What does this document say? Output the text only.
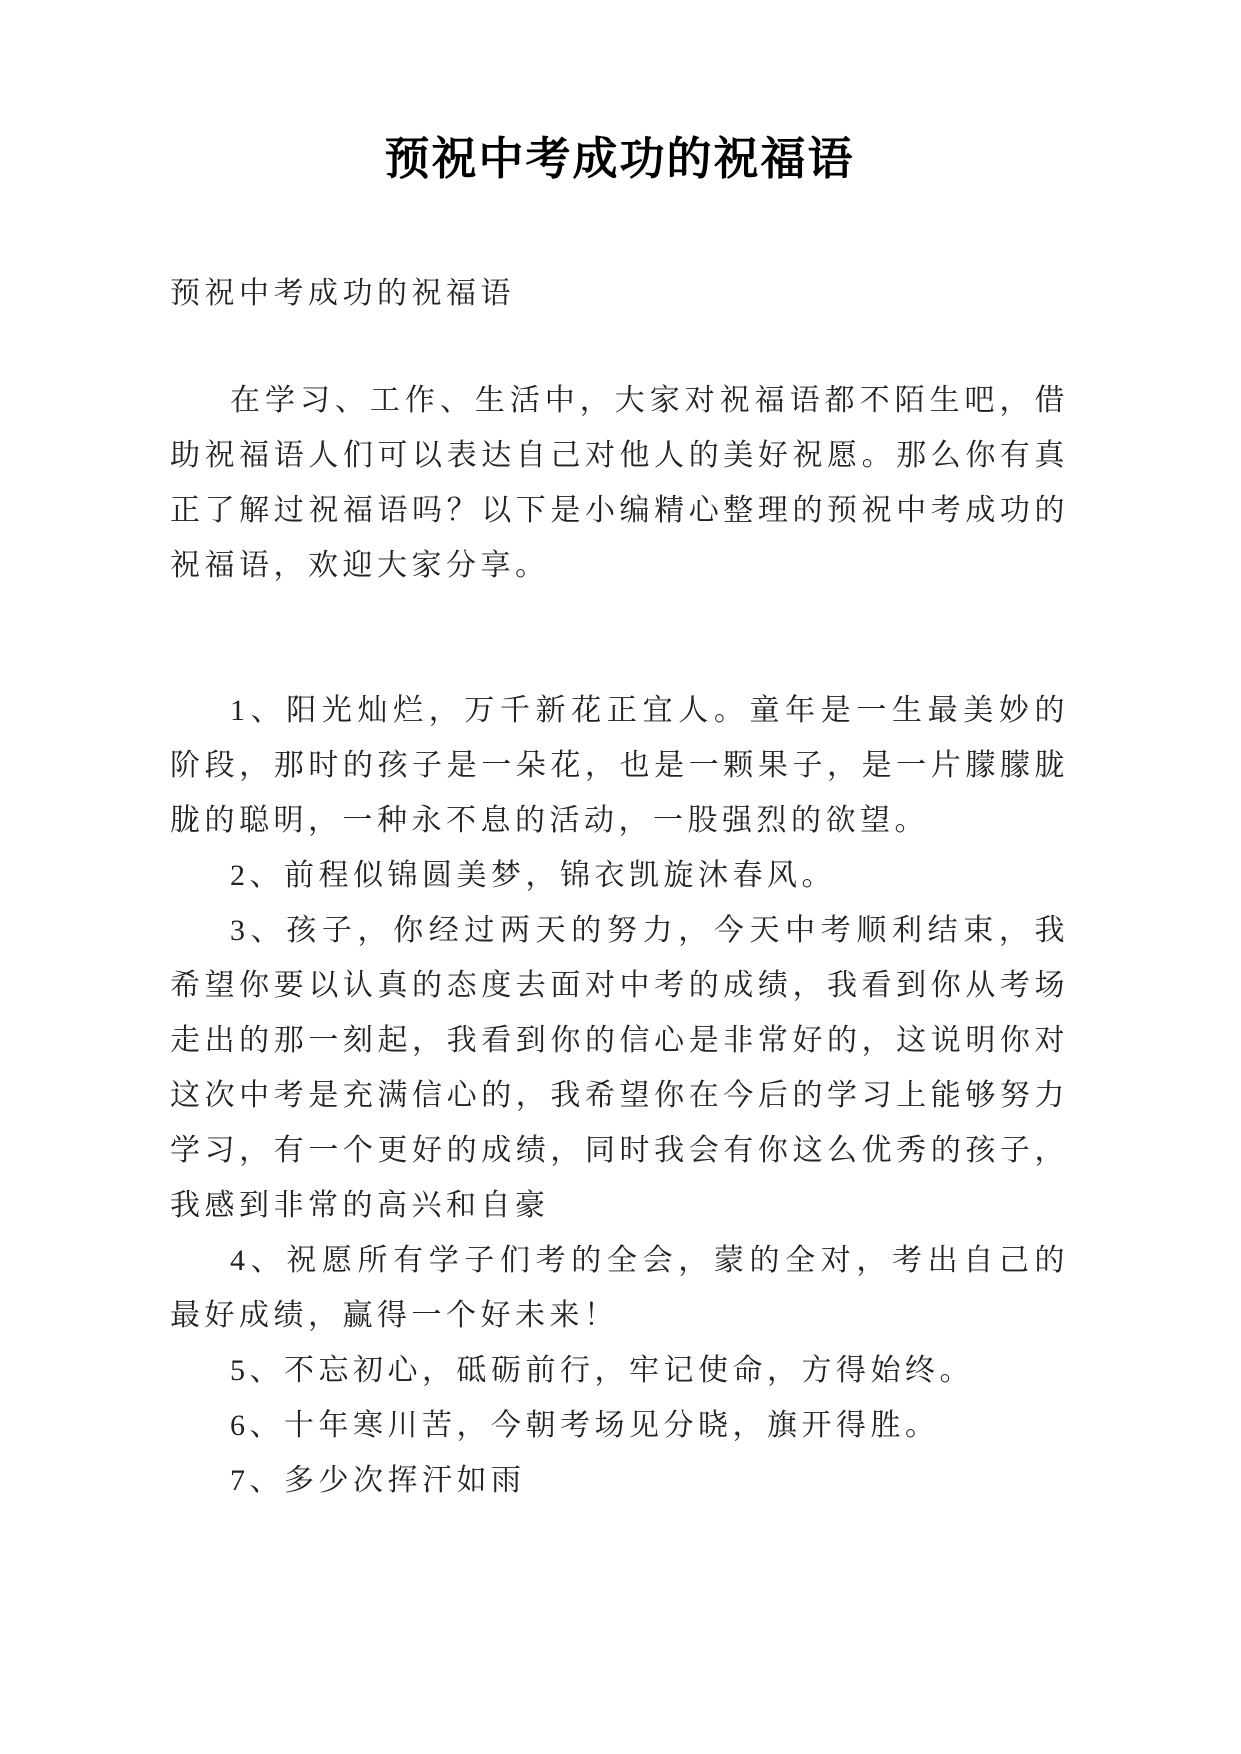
预祝中考成功的祝福语

预祝中考成功的祝福语

在学习、工作、生活中，大家对祝福语都不陌生吧，借助祝福语人们可以表达自己对他人的美好祝愿。那么你有真正了解过祝福语吗？以下是小编精心整理的预祝中考成功的祝福语，欢迎大家分享。

1、阳光灿烂，万千新花正宜人。童年是一生最美妙的阶段，那时的孩子是一朵花，也是一颗果子，是一片朦朦胧胧的聪明，一种永不息的活动，一股强烈的欲望。

2、前程似锦圆美梦，锦衣凯旋沐春风。

3、孩子，你经过两天的努力，今天中考顺利结束，我希望你要以认真的态度去面对中考的成绩，我看到你从考场走出的那一刻起，我看到你的信心是非常好的，这说明你对这次中考是充满信心的，我希望你在今后的学习上能够努力学习，有一个更好的成绩，同时我会有你这么优秀的孩子，我感到非常的高兴和自豪

4、祝愿所有学子们考的全会，蒙的全对，考出自己的最好成绩，赢得一个好未来！

5、不忘初心，砥砺前行，牢记使命，方得始终。

6、十年寒川苦，今朝考场见分晓，旗开得胜。

7、多少次挥汗如雨
